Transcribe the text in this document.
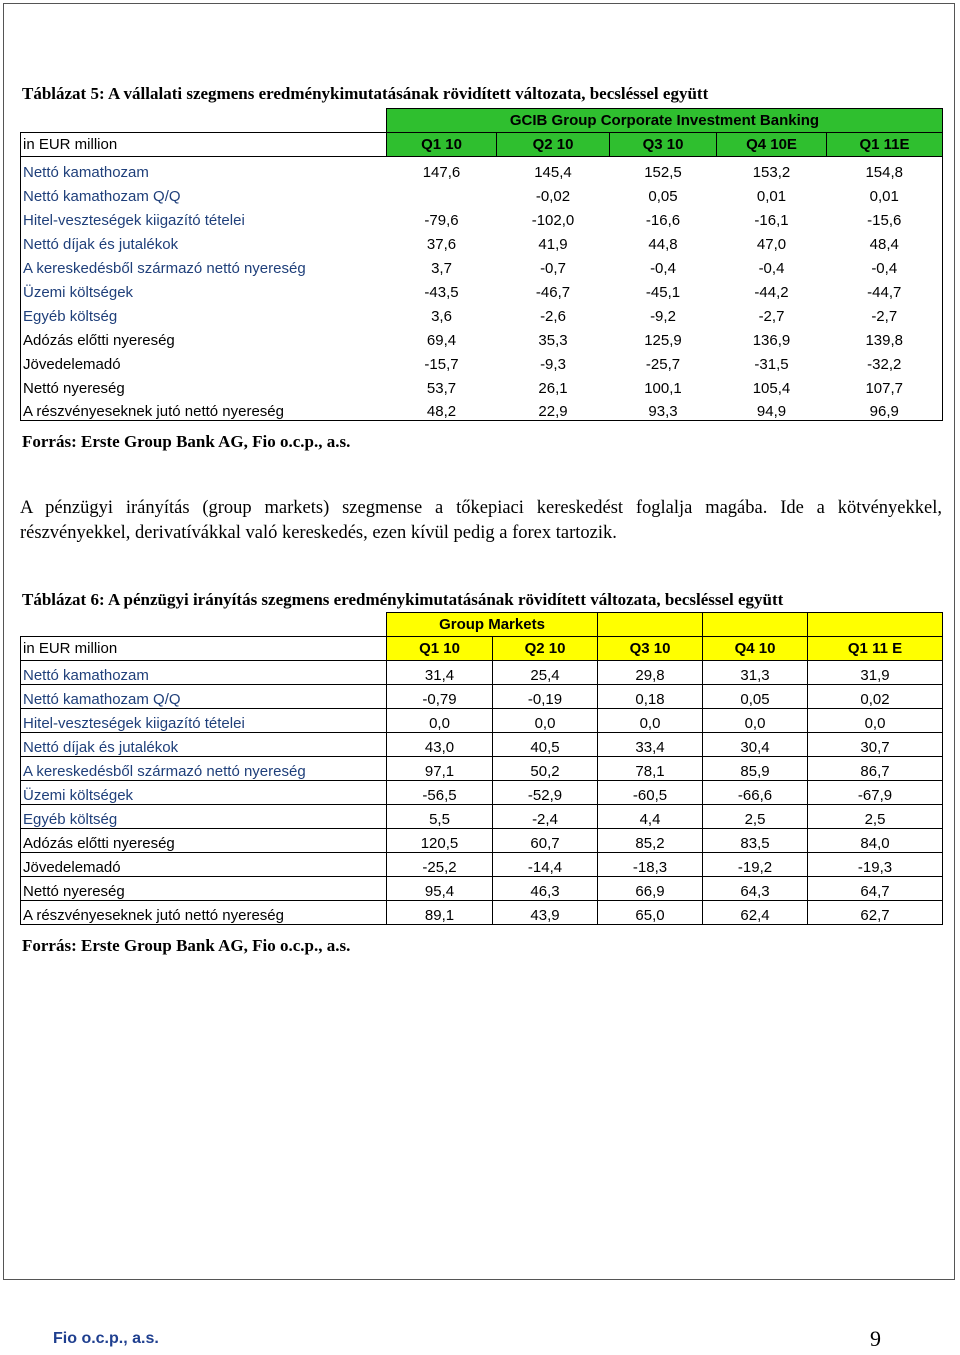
Táblázat 5: A vállalati szegmens eredménykimutatásának rövidített változata, becsléssel együtt
	GCIB Group Corporate Investment Banking				
in EUR million	Q1 10	Q2 10	Q3 10	Q4 10E	Q1 11E
Nettó kamathozam	147,6	145,4	152,5	153,2	154,8
Nettó kamathozam Q/Q		-0,02	0,05	0,01	0,01
Hitel-veszteségek kiigazító tételei	-79,6	-102,0	-16,6	-16,1	-15,6
Nettó díjak és jutalékok	37,6	41,9	44,8	47,0	48,4
A kereskedésből származó nettó nyereség	3,7	-0,7	-0,4	-0,4	-0,4
Üzemi költségek	-43,5	-46,7	-45,1	-44,2	-44,7
Egyéb költség	3,6	-2,6	-9,2	-2,7	-2,7
Adózás előtti nyereség	69,4	35,3	125,9	136,9	139,8
Jövedelemadó	-15,7	-9,3	-25,7	-31,5	-32,2
Nettó nyereség	53,7	26,1	100,1	105,4	107,7
A részvényeseknek jutó nettó nyereség	48,2	22,9	93,3	94,9	96,9
Forrás: Erste Group Bank AG, Fio o.c.p., a.s.
A pénzügyi irányítás (group markets) szegmense a tőkepiaci kereskedést foglalja magába. Ide a kötvényekkel, részvényekkel, derivatívákkal való kereskedés, ezen kívül pedig a forex tartozik.
Táblázat 6: A pénzügyi irányítás szegmens eredménykimutatásának rövidített változata, becsléssel együtt
	Group Markets				
in EUR million	Q1 10	Q2 10	Q3 10	Q4 10	Q1 11 E
Nettó kamathozam	31,4	25,4	29,8	31,3	31,9
Nettó kamathozam Q/Q	-0,79	-0,19	0,18	0,05	0,02
Hitel-veszteségek kiigazító tételei	0,0	0,0	0,0	0,0	0,0
Nettó díjak és jutalékok	43,0	40,5	33,4	30,4	30,7
A kereskedésből származó nettó nyereség	97,1	50,2	78,1	85,9	86,7
Üzemi költségek	-56,5	-52,9	-60,5	-66,6	-67,9
Egyéb költség	5,5	-2,4	4,4	2,5	2,5
Adózás előtti nyereség	120,5	60,7	85,2	83,5	84,0
Jövedelemadó	-25,2	-14,4	-18,3	-19,2	-19,3
Nettó nyereség	95,4	46,3	66,9	64,3	64,7
A részvényeseknek jutó nettó nyereség	89,1	43,9	65,0	62,4	62,7
Forrás: Erste Group Bank AG, Fio o.c.p., a.s.
Fio o.c.p., a.s.	9
